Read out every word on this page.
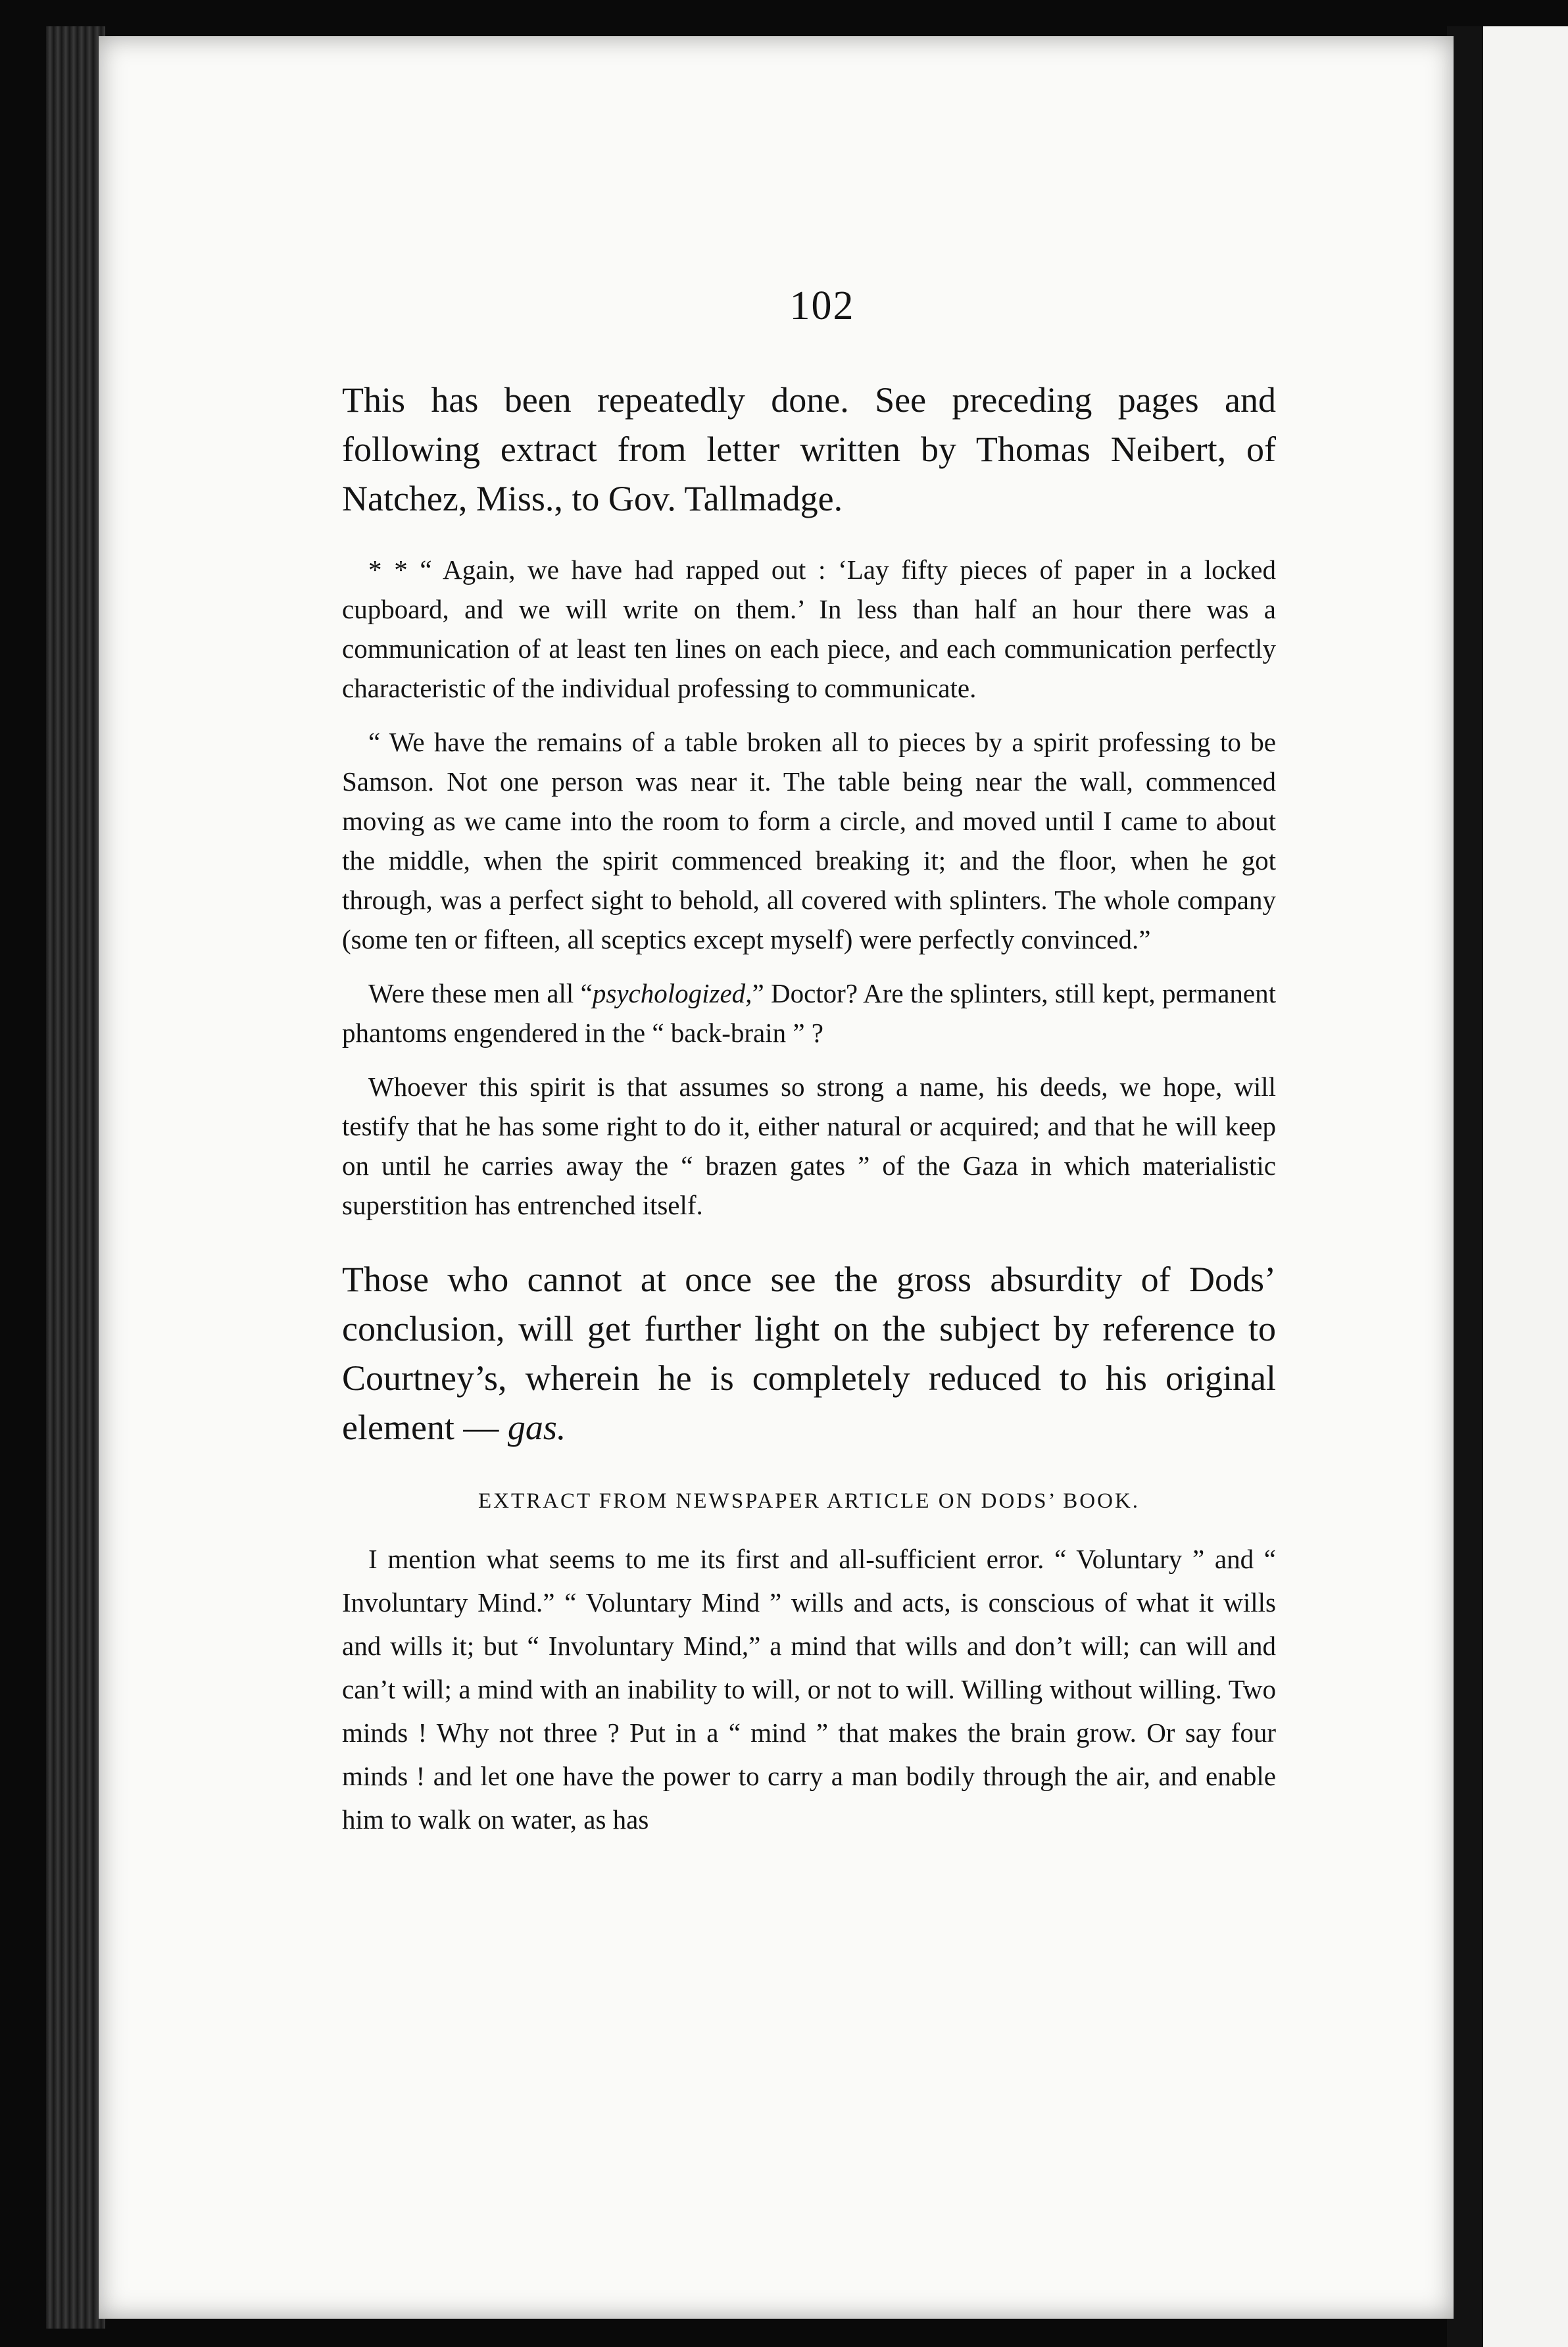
102

This has been repeatedly done. See preceding pages and following extract from letter written by Thomas Neibert, of Natchez, Miss., to Gov. Tallmadge.

* * “ Again, we have had rapped out : ‘Lay fifty pieces of paper in a locked cupboard, and we will write on them.’ In less than half an hour there was a communication of at least ten lines on each piece, and each communication perfectly characteristic of the individual professing to communicate.

“ We have the remains of a table broken all to pieces by a spirit professing to be Samson. Not one person was near it. The table being near the wall, commenced moving as we came into the room to form a circle, and moved until I came to about the middle, when the spirit commenced breaking it; and the floor, when he got through, was a perfect sight to behold, all covered with splinters. The whole company (some ten or fifteen, all sceptics except myself) were perfectly convinced.”

Were these men all “psychologized,” Doctor? Are the splinters, still kept, permanent phantoms engendered in the “ back-brain ” ?

Whoever this spirit is that assumes so strong a name, his deeds, we hope, will testify that he has some right to do it, either natural or acquired; and that he will keep on until he carries away the “ brazen gates ” of the Gaza in which materialistic superstition has entrenched itself.

Those who cannot at once see the gross absurdity of Dods’ conclusion, will get further light on the subject by reference to Courtney’s, wherein he is completely reduced to his original element — gas.

EXTRACT FROM NEWSPAPER ARTICLE ON DODS’ BOOK.

I mention what seems to me its first and all-sufficient error. “ Voluntary ” and “ Involuntary Mind.” “ Voluntary Mind ” wills and acts, is conscious of what it wills and wills it; but “ Involuntary Mind,” a mind that wills and don’t will; can will and can’t will; a mind with an inability to will, or not to will. Willing without willing. Two minds ! Why not three ? Put in a “ mind ” that makes the brain grow. Or say four minds ! and let one have the power to carry a man bodily through the air, and enable him to walk on water, as has
